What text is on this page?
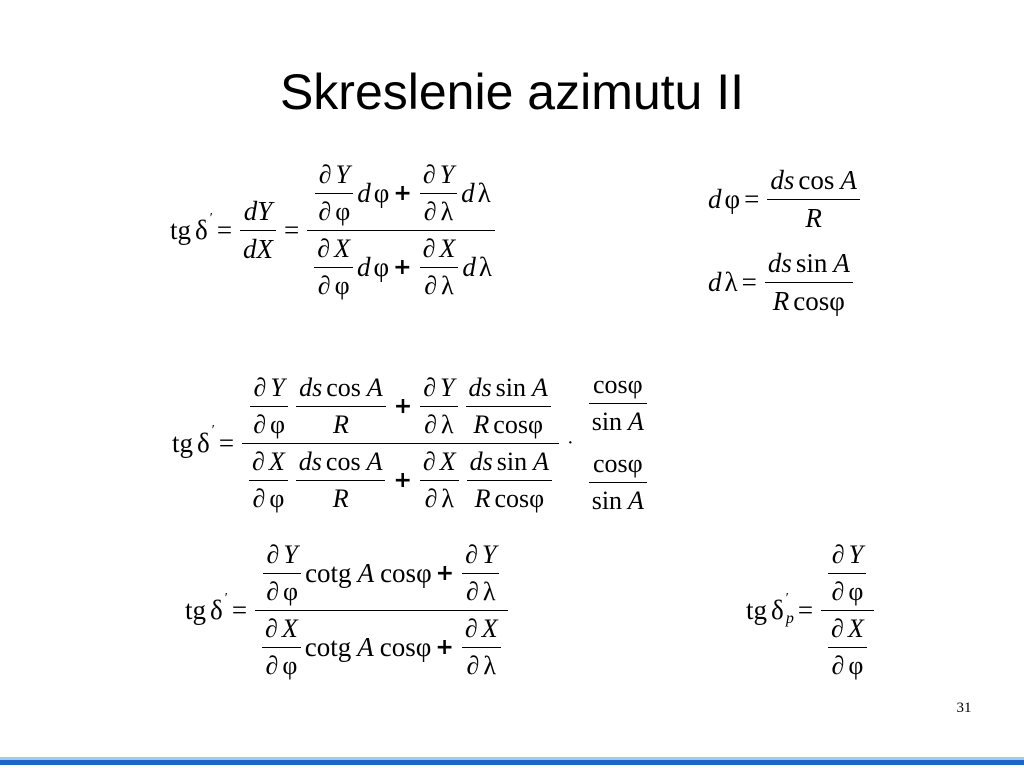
Skreslenie azimutu II
tg δ ′ = $\frac{dY}{dX} = \frac{\frac{\partial Y}{\partial \varphi} d \varphi + \frac{\partial Y}{\partial \lambda} d \lambda}{\frac{\partial X}{\partial \varphi} d \varphi + \frac{\partial X}{\partial \lambda} d \lambda}$	d $\varphi = \frac{\text{ds cos A}}{R}$
d $\lambda = \frac{\text{ds sin A}}{\text{R cos φ}}$
tg δ ′ = $\frac{\frac{\partial Y}{\partial \varphi} \frac{\text{ds cos A}}{R} + \frac{\partial Y}{\partial \lambda} \frac{\text{ds sin A}}{\text{R cos φ}}}{\frac{\partial X}{\partial \varphi} \frac{\text{ds cos A}}{R} + \frac{\partial X}{\partial \lambda} \frac{\text{ds sin A}}{\text{R cos φ}}}$ ·
$\frac{\text{cos φ}}{\text{sin A}}$
$\frac{\text{cos φ}}{\text{sin A}}$
tg δ ′ = $\frac{\frac{\partial Y}{\partial \varphi} \cot g A \cos \varphi + \frac{\partial Y}{\partial \lambda}}{\frac{\partial X}{\partial \varphi} \cot g A \cos \varphi + \frac{\partial X}{\partial \lambda}}$	tg δ ′
$p = \frac{\frac{\partial Y}{\partial \varphi}}{\frac{\partial X}{\partial \varphi}}$
31
